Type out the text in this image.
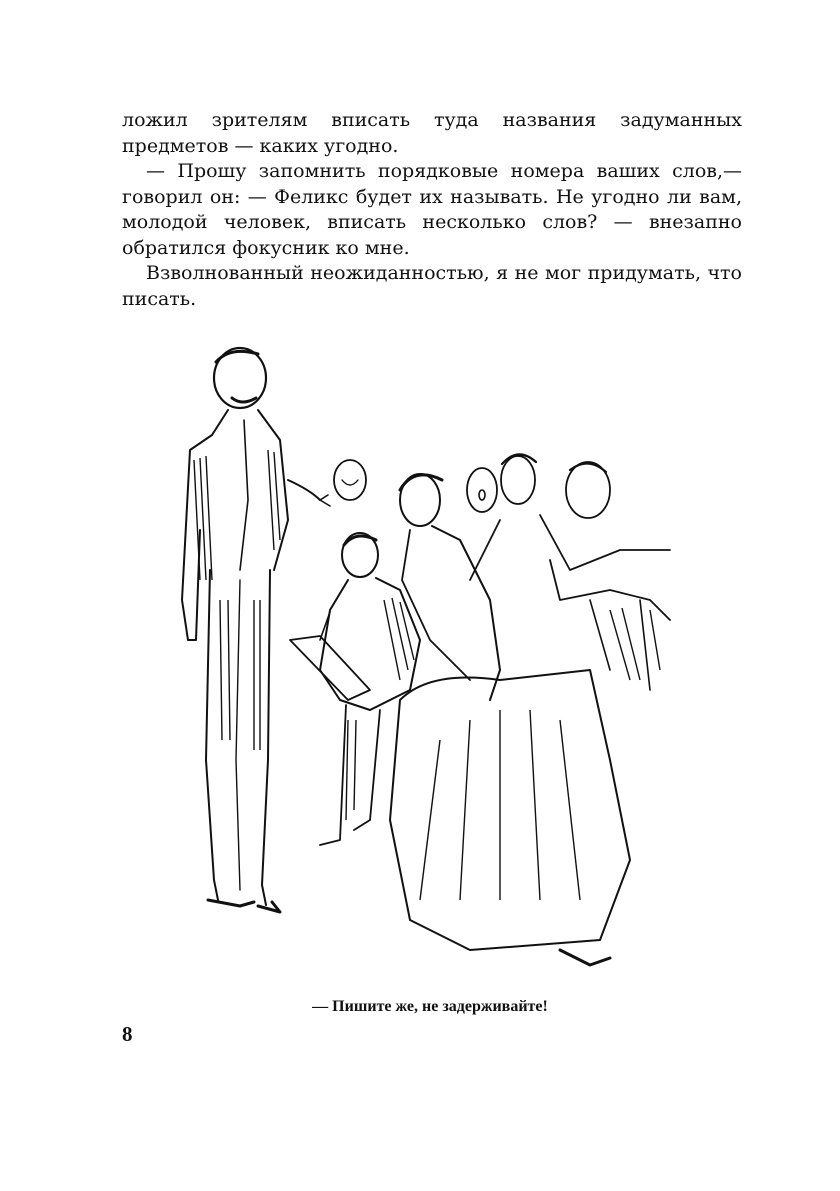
ложил зрителям вписать туда названия задуманных предметов — каких угодно.

— Прошу запомнить порядковые номера ваших слов,— говорил он: — Феликс будет их называть. Не угодно ли вам, молодой человек, вписать несколько слов? — внезапно обратился фокусник ко мне.

Взволнованный неожиданностью, я не мог придумать, что писать.

— Пишите же, не задерживайте!
8
